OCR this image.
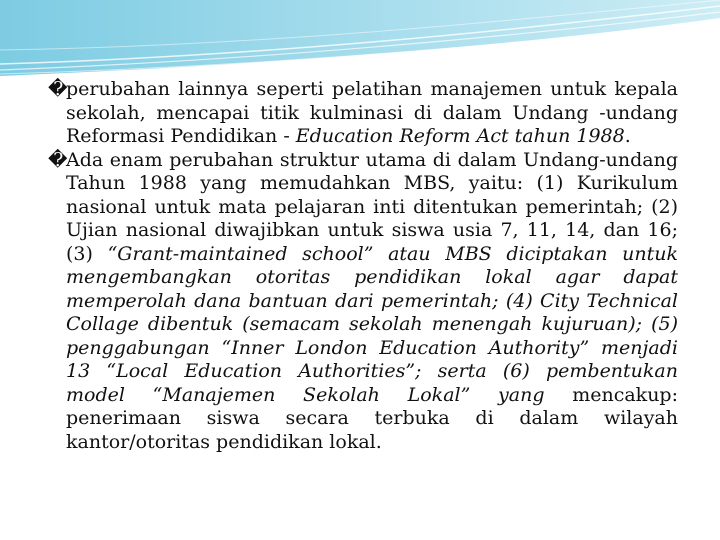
�
perubahan lainnya seperti pelatihan manajemen untuk kepala sekolah, mencapai titik kulminasi di dalam Undang -undang Reformasi Pendidikan - Education Reform Act tahun 1988.

�
Ada enam perubahan struktur utama di dalam Undang-undang Tahun 1988 yang memudahkan MBS, yaitu: (1) Kurikulum nasional untuk mata pelajaran inti ditentukan pemerintah; (2) Ujian nasional diwajibkan untuk siswa usia 7, 11, 14, dan 16; (3) “Grant-maintained school” atau MBS diciptakan untuk mengembangkan otoritas pendidikan lokal agar dapat memperolah dana bantuan dari pemerintah; (4) City Technical Collage dibentuk (semacam sekolah menengah kujuruan); (5) penggabungan “Inner London Education Authority” menjadi 13 “Local Education Authorities”; serta (6) pembentukan model “Manajemen Sekolah Lokal” yang mencakup: penerimaan siswa secara terbuka di dalam wilayah kantor/otoritas pendidikan lokal.
